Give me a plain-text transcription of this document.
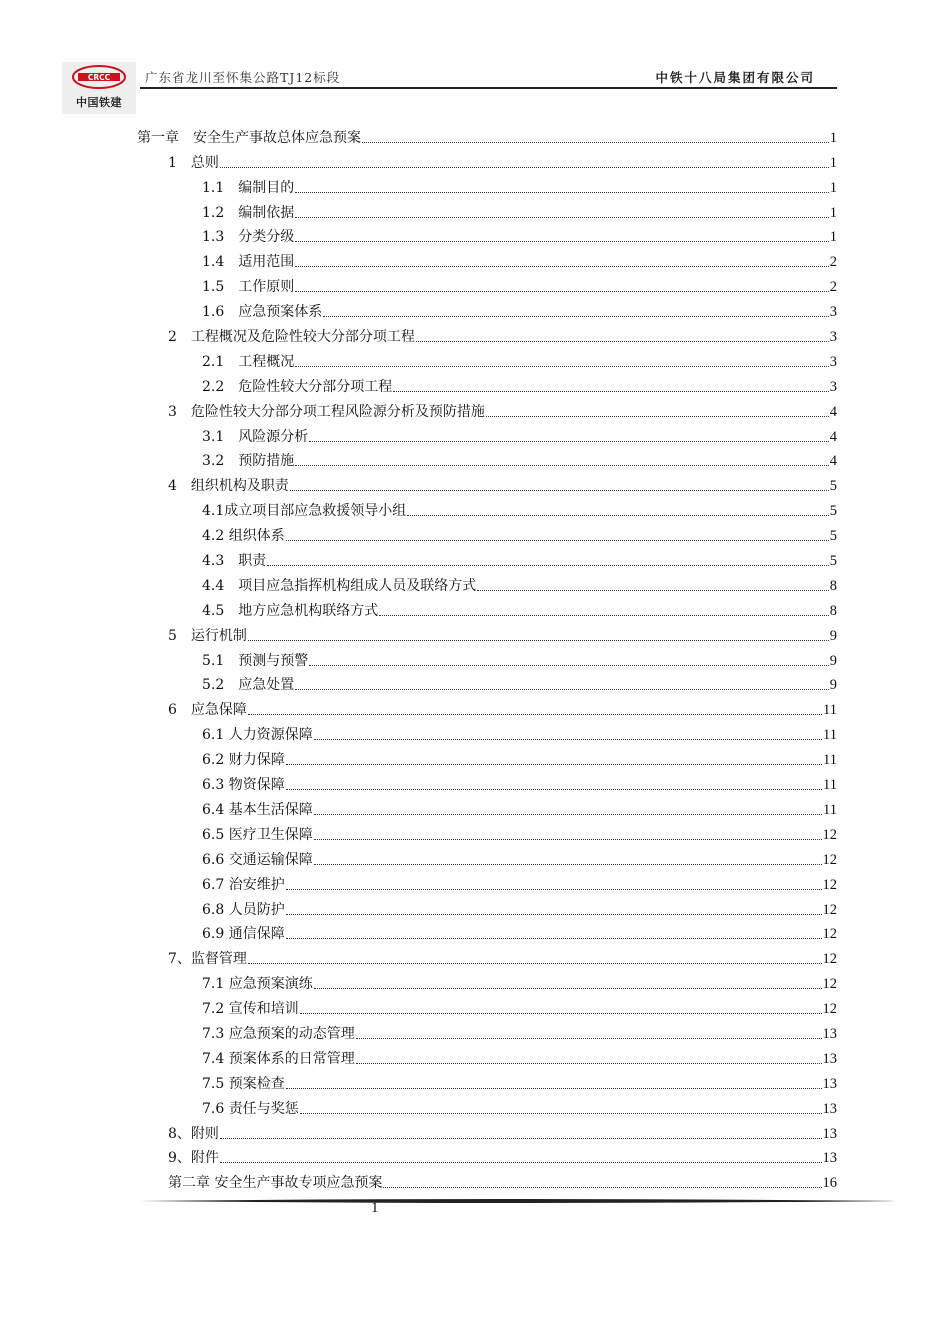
CRCC
中国铁建
广东省龙川至怀集公路TJ12标段	中铁十八局集团有限公司
第一章　安全生产事故总体应急预案	1
1　总则	1
1.1　编制目的	1
1.2　编制依据	1
1.3　分类分级	1
1.4　适用范围	2
1.5　工作原则	2
1.6　应急预案体系	3
2　工程概况及危险性较大分部分项工程	3
2.1　工程概况	3
2.2　危险性较大分部分项工程	3
3　危险性较大分部分项工程风险源分析及预防措施	4
3.1　风险源分析	4
3.2　预防措施	4
4　组织机构及职责	5
4.1成立项目部应急救援领导小组	5
4.2 组织体系	5
4.3　职责	5
4.4　项目应急指挥机构组成人员及联络方式	8
4.5　地方应急机构联络方式	8
5　运行机制	9
5.1　预测与预警	9
5.2　应急处置	9
6　应急保障	11
6.1 人力资源保障	11
6.2 财力保障	11
6.3 物资保障	11
6.4 基本生活保障	11
6.5 医疗卫生保障	12
6.6 交通运输保障	12
6.7 治安维护	12
6.8 人员防护	12
6.9 通信保障	12
7、监督管理	12
7.1 应急预案演练	12
7.2 宣传和培训	12
7.3 应急预案的动态管理	13
7.4 预案体系的日常管理	13
7.5 预案检查	13
7.6 责任与奖惩	13
8、附则	13
9、附件	13
第二章 安全生产事故专项应急预案	16
1
